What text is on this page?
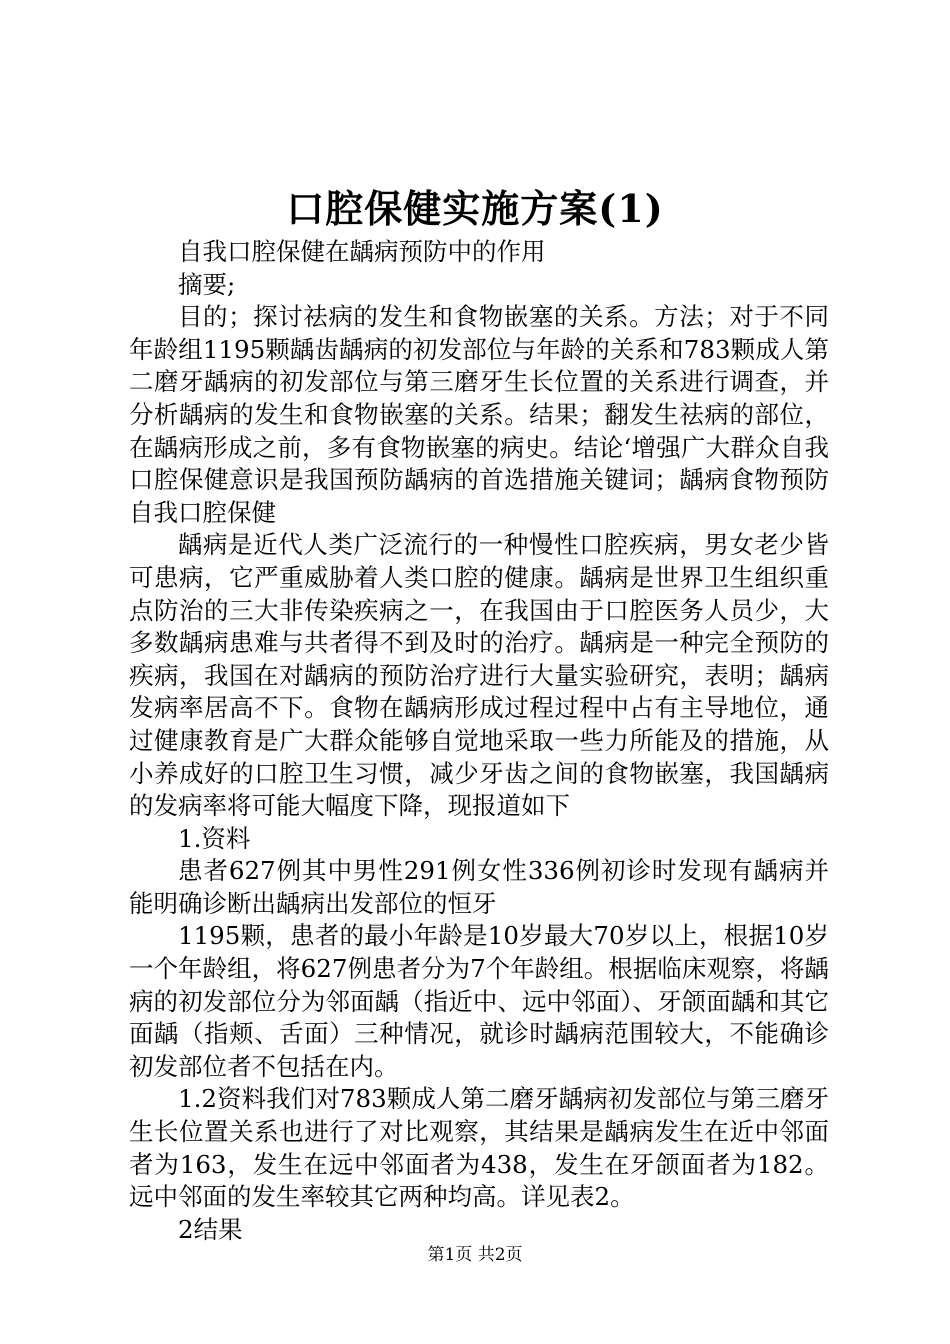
口腔保健实施方案(1)

自我口腔保健在龋病预防中的作用

摘要;

目的；探讨祛病的发生和食物嵌塞的关系。方法；对于不同年龄组1195颗龋齿龋病的初发部位与年龄的关系和783颗成人第二磨牙龋病的初发部位与第三磨牙生长位置的关系进行调查，并分析龋病的发生和食物嵌塞的关系。结果；翻发生祛病的部位，在龋病形成之前，多有食物嵌塞的病史。结论‘增强广大群众自我口腔保健意识是我国预防龋病的首选措施关键词；龋病食物预防自我口腔保健

龋病是近代人类广泛流行的一种慢性口腔疾病，男女老少皆可患病，它严重威胁着人类口腔的健康。龋病是世界卫生组织重点防治的三大非传染疾病之一，在我国由于口腔医务人员少，大多数龋病患难与共者得不到及时的治疗。龋病是一种完全预防的疾病，我国在对龋病的预防治疗进行大量实验研究，表明；龋病发病率居高不下。食物在龋病形成过程过程中占有主导地位，通过健康教育是广大群众能够自觉地采取一些力所能及的措施，从小养成好的口腔卫生习惯，减少牙齿之间的食物嵌塞，我国龋病的发病率将可能大幅度下降，现报道如下

1.资料

患者627例其中男性291例女性336例初诊时发现有龋病并能明确诊断出龋病出发部位的恒牙

1195颗，患者的最小年龄是10岁最大70岁以上，根据10岁一个年龄组，将627例患者分为7个年龄组。根据临床观察，将龋病的初发部位分为邻面龋（指近中、远中邻面）、牙颌面龋和其它面龋（指颊、舌面）三种情况，就诊时龋病范围较大，不能确诊初发部位者不包括在内。

1.2资料我们对783颗成人第二磨牙龋病初发部位与第三磨牙生长位置关系也进行了对比观察，其结果是龋病发生在近中邻面者为163，发生在远中邻面者为438，发生在牙颌面者为182。远中邻面的发生率较其它两种均高。详见表2。

2结果

第1页 共2页
